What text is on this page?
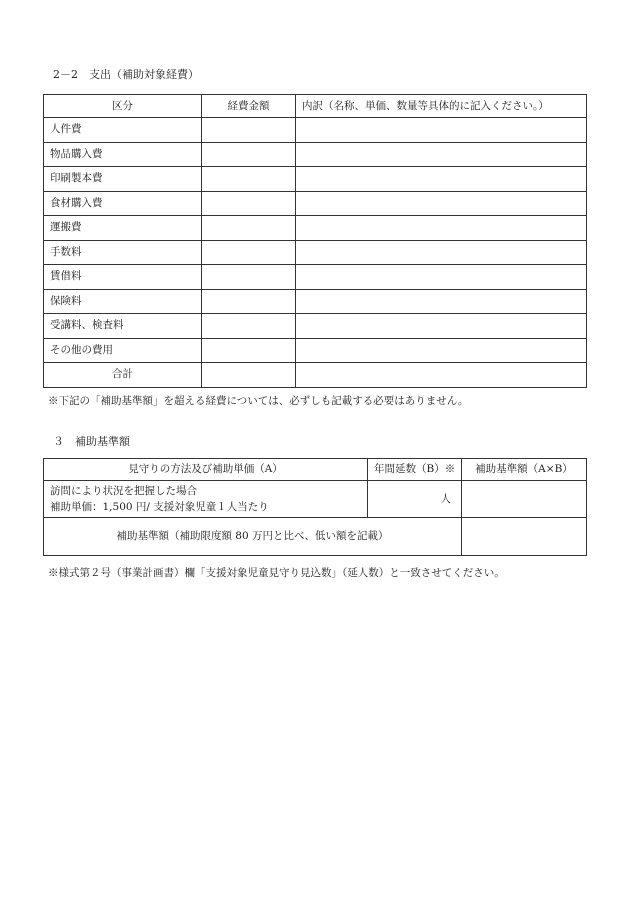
2－2　支出（補助対象経費）
区分	経費金額	内訳（名称、単価、数量等具体的に記入ください。）
人件費		
物品購入費		
印刷製本費		
食材購入費		
運搬費		
手数料		
賃借料		
保険料		
受講料、検査料		
その他の費用		
合計		
※下記の「補助基準額」を超える経費については、必ずしも記載する必要はありません。
３　補助基準額
見守りの方法及び補助単価（A）	年間延数（B）※	補助基準額（A×B）

訪問により状況を把握した場合
補助単価：1,500 円/ 支援対象児童１人当たり	人	
補助基準額（補助限度額 80 万円と比べ、低い額を記載）		
※様式第２号（事業計画書）欄「支援対象児童見守り見込数」（延人数）と一致させてください。
